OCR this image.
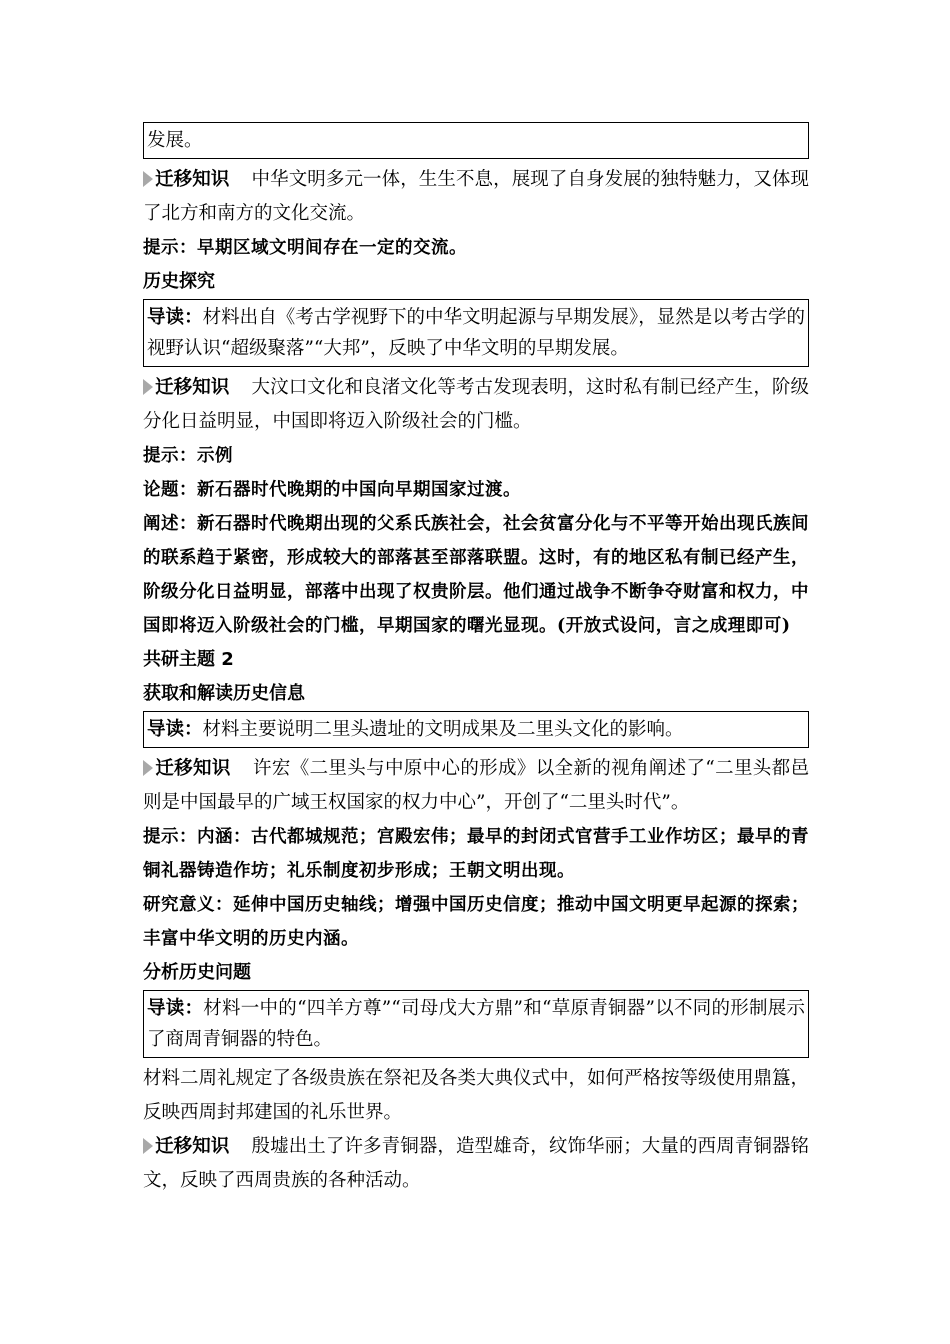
发展。

迁移知识 中华文明多元一体，生生不息，展现了自身发展的独特魅力，又体现了北方和南方的文化交流。

提示：早期区域文明间存在一定的交流。

历史探究

导读：材料出自《考古学视野下的中华文明起源与早期发展》，显然是以考古学的视野认识“超级聚落”“大邦”，反映了中华文明的早期发展。

迁移知识 大汶口文化和良渚文化等考古发现表明，这时私有制已经产生，阶级分化日益明显，中国即将迈入阶级社会的门槛。

提示：示例

论题：新石器时代晚期的中国向早期国家过渡。

阐述：新石器时代晚期出现的父系氏族社会，社会贫富分化与不平等开始出现氏族间的联系趋于紧密，形成较大的部落甚至部落联盟。这时，有的地区私有制已经产生，阶级分化日益明显，部落中出现了权贵阶层。他们通过战争不断争夺财富和权力，中国即将迈入阶级社会的门槛，早期国家的曙光显现。(开放式设问，言之成理即可)

共研主题 2

获取和解读历史信息

导读：材料主要说明二里头遗址的文明成果及二里头文化的影响。

迁移知识 许宏《二里头与中原中心的形成》以全新的视角阐述了“二里头都邑则是中国最早的广域王权国家的权力中心”，开创了“二里头时代”。

提示：内涵：古代都城规范；宫殿宏伟；最早的封闭式官营手工业作坊区；最早的青铜礼器铸造作坊；礼乐制度初步形成；王朝文明出现。

研究意义：延伸中国历史轴线；增强中国历史信度；推动中国文明更早起源的探索；丰富中华文明的历史内涵。

分析历史问题

导读：材料一中的“四羊方尊”“司母戊大方鼎”和“草原青铜器”以不同的形制展示了商周青铜器的特色。

材料二周礼规定了各级贵族在祭祀及各类大典仪式中，如何严格按等级使用鼎簋，反映西周封邦建国的礼乐世界。

迁移知识 殷墟出土了许多青铜器，造型雄奇，纹饰华丽；大量的西周青铜器铭文，反映了西周贵族的各种活动。
